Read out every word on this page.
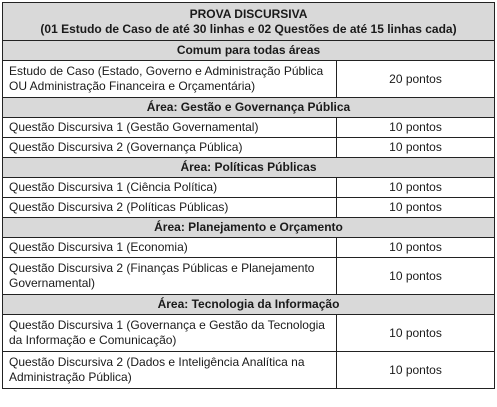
PROVA DISCURSIVA
(01 Estudo de Caso de até 30 linhas e 02 Questões de até 15 linhas cada)	

Comum para todas áreas	
Estudo de Caso (Estado, Governo e Administração Pública OU Administração Financeira e Orçamentária)	20 pontos
Área: Gestão e Governança Pública	
Questão Discursiva 1 (Gestão Governamental)	10 pontos
Questão Discursiva 2 (Governança Pública)	10 pontos
Área: Políticas Públicas	
Questão Discursiva 1 (Ciência Política)	10 pontos
Questão Discursiva 2 (Políticas Públicas)	10 pontos
Área: Planejamento e Orçamento	
Questão Discursiva 1 (Economia)	10 pontos
Questão Discursiva 2 (Finanças Públicas e Planejamento Governamental)	10 pontos
Área: Tecnologia da Informação	
Questão Discursiva 1 (Governança e Gestão da Tecnologia da Informação e Comunicação)	10 pontos
Questão Discursiva 2 (Dados e Inteligência Analítica na Administração Pública)	10 pontos
